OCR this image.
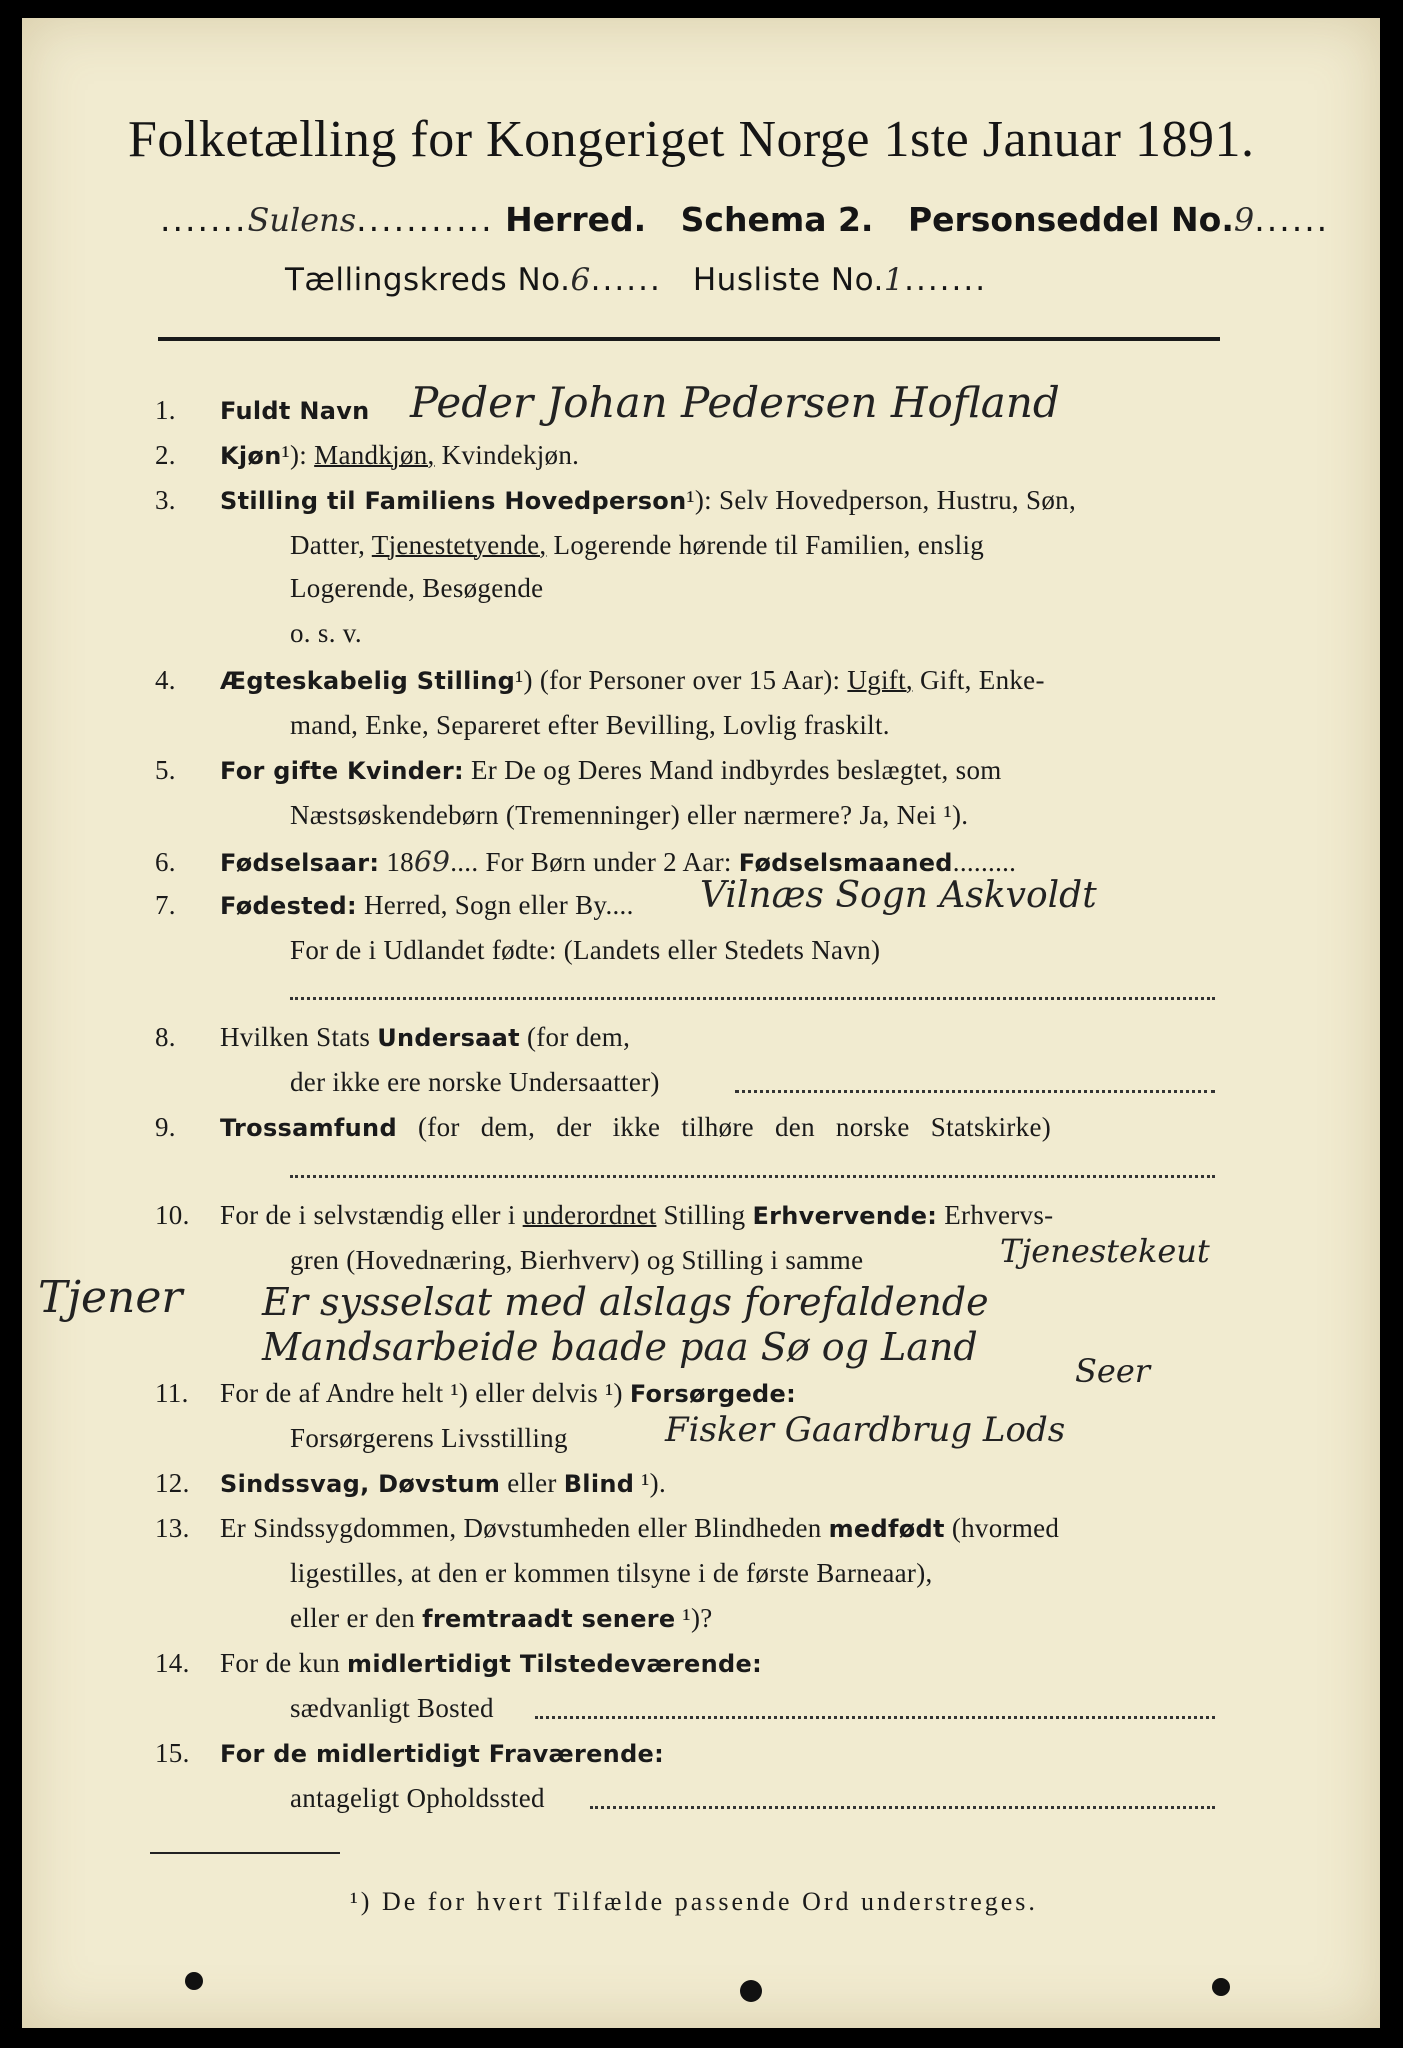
Folketælling for Kongeriget Norge 1ste Januar 1891.
.......Sulens........... Herred. Schema 2. Personseddel No.9......
Tællingskreds No.6...... Husliste No.1.......
1. Fuldt Navn Peder Johan Pedersen Hofland
2. Kjøn¹): Mandkjøn, Kvindekjøn.
3. Stilling til Familiens Hovedperson¹): Selv Hovedperson, Hustru, Søn,
Datter, Tjenestetyende, Logerende hørende til Familien, enslig
Logerende, Besøgende
o. s. v.
4. Ægteskabelig Stilling¹) (for Personer over 15 Aar): Ugift, Gift, Enke-
mand, Enke, Separeret efter Bevilling, Lovlig fraskilt.
5. For gifte Kvinder: Er De og Deres Mand indbyrdes beslægtet, som
Næstsøskendebørn (Tremenninger) eller nærmere? Ja, Nei ¹).
6. Fødselsaar: 1869.... For Børn under 2 Aar: Fødselsmaaned.........
7. Fødested: Herred, Sogn eller By.... Vilnæs Sogn Askvoldt
For de i Udlandet fødte: (Landets eller Stedets Navn)
8. Hvilken Stats Undersaat (for dem,
der ikke ere norske Undersaatter)
9. Trossamfund (for dem, der ikke tilhøre den norske Statskirke)
10. For de i selvstændig eller i underordnet Stilling Erhvervende: Erhvervs-
gren (Hovednæring, Bierhverv) og Stilling i samme	Tjenestekeut
Tjener Er sysselsat med alslags forefaldende
Mandsarbeide baade paa Sø og Land
Seer
11. For de af Andre helt ¹) eller delvis ¹) Forsørgede:
Forsørgerens Livsstilling	Fisker Gaardbrug Lods
12. Sindssvag, Døvstum eller Blind ¹).
13. Er Sindssygdommen, Døvstumheden eller Blindheden medfødt (hvormed
ligestilles, at den er kommen tilsyne i de første Barneaar),
eller er den fremtraadt senere ¹)?
14. For de kun midlertidigt Tilstedeværende:
sædvanligt Bosted
15. For de midlertidigt Fraværende:
antageligt Opholdssted
¹) De for hvert Tilfælde passende Ord understreges.
